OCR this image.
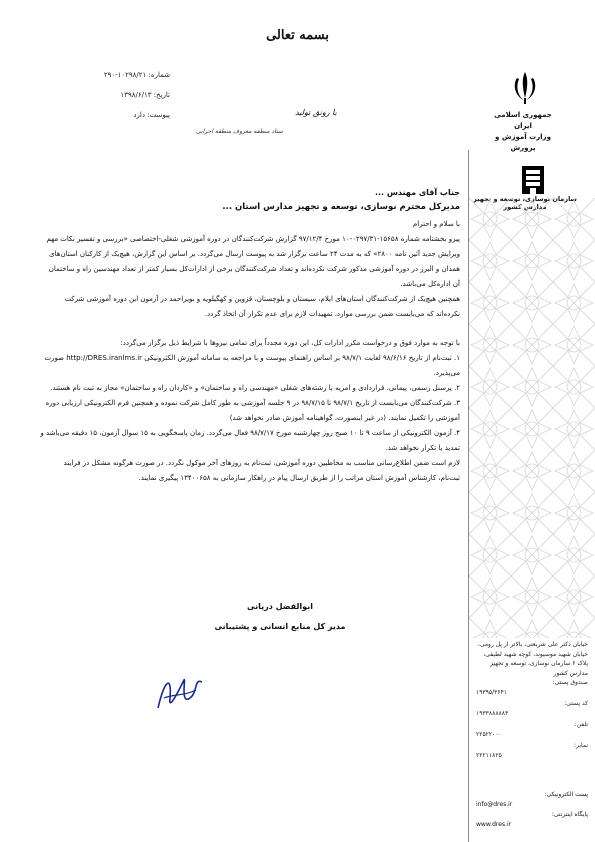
بسمه تعالی
شماره: ۱۰۲۹۸/۲۱-۲۹۰
تاریخ: ۱۳۹۸/۶/۱۳
پیوست: دارد	با رونق تولید
ستاد منطقه معروف منطقه اجرایی
جمهوری اسلامی ایران
وزارت آموزش و پرورش
خیابان دکتر علی شریعتی، بالاتر از پل رومی، خیابان شهید موسیوند، کوچه شهید لطیفی، پلاک ۶ سازمان نوسازی، توسعه و تجهیز مدارس کشور
صندوق پستی:
۱۹۳۹۵/۳۶۴۱
کد پستی:
۱۹۳۳۸۸۸۸۸۳
تلفن:
۲۲۵۲۲۰۰۰
نمابر:
۲۲۲۱۱۸۲۵
پست الکترونیکی:
info@dres.ir
پایگاه اینترنتی:
www.dres.ir

جناب آقای مهندس ...

مدیرکل محترم نوسازی، توسعه و تجهیز مدارس استان ...

با سلام و احترام

پیرو بخشنامه شماره ۱۵۶۵۸-۰۲۹۷/۳۱-۱۰ مورخ ۹۷/۱۲/۴ گزارش شرکت‌کنندگان در دوره آموزشی شغلی-اختصاصی «بررسی و تفسیر نکات مهم ویرایش جدید آئین نامه ۲۸۰۰» که به مدت ۲۴ ساعت برگزار شد به پیوست ارسال می‌گردد. بر اساس این گزارش، هیچ‌یک از کارکنان استان‌های همدان و البرز در دوره آموزشی مذکور شرکت نکرده‌اند و تعداد شرکت‌کنندگان برخی از ادارات‌کل بسیار کمتر از تعداد مهندسین راه و ساختمان آن اداره‌کل می‌باشد.

همچنین هیچ‌یک از شرکت‌کنندگان استان‌های ایلام، سیستان و بلوچستان، قزوین و کهگیلویه و بویراحمد در آزمون این دوره آموزشی شرکت نکرده‌اند که می‌بایست ضمن بررسی موارد، تمهیدات لازم برای عدم تکرار آن اتخاذ گردد.

با توجه به موارد فوق و درخواست مکرر ادارات کل، این دوره مجدداً برای تمامی نیروها با شرایط ذیل برگزار می‌گردد:

۱. ثبت‌نام از تاریخ ۹۸/۶/۱۶ لغایت ۹۸/۷/۱ بر اساس راهنمای پیوست و با مراجعه به سامانه آموزش الکترونیکی http://DRES.iranlms.ir صورت می‌پذیرد.

۲. پرسنل رسمی، پیمانی، قراردادی و امریه با رشته‌های شغلی «مهندسی راه و ساختمان» و «کاردان راه و ساختمان» مجاز به ثبت نام هستند.

۳. شرکت‌کنندگان می‌بایست از تاریخ ۹۸/۷/۱ تا ۹۸/۷/۱۵ در ۹ جلسه آموزشی به طور کامل شرکت نموده و همچنین فرم الکترونیکی ارزیابی دوره آموزشی را تکمیل نمایند. (در غیر اینصورت، گواهینامه آموزش صادر نخواهد شد)

۴. آزمون الکترونیکی از ساعت ۹ تا ۱۰ صبح روز چهارشنبه مورخ ۹۸/۷/۱۷ فعال می‌گردد. زمان پاسخگویی به ۱۵ سوال آزمون، ۱۵ دقیقه می‌باشد و تمدید یا تکرار نخواهد شد.

لازم است ضمن اطلاع‌رسانی مناسب به مخاطبین دوره آموزشی، ثبت‌نام به روزهای آخر موکول نگردد. در صورت هرگونه مشکل در فرایند ثبت‌نام، کارشناس آموزش استان مراتب را از طریق ارسال پیام در راهکار سازمانی به ۱۳۴۰۰۶۵۸ پیگیری نمایند.

ابوالفضل دریانی
مدیر کل منابع انسانی و پشتیبانی
